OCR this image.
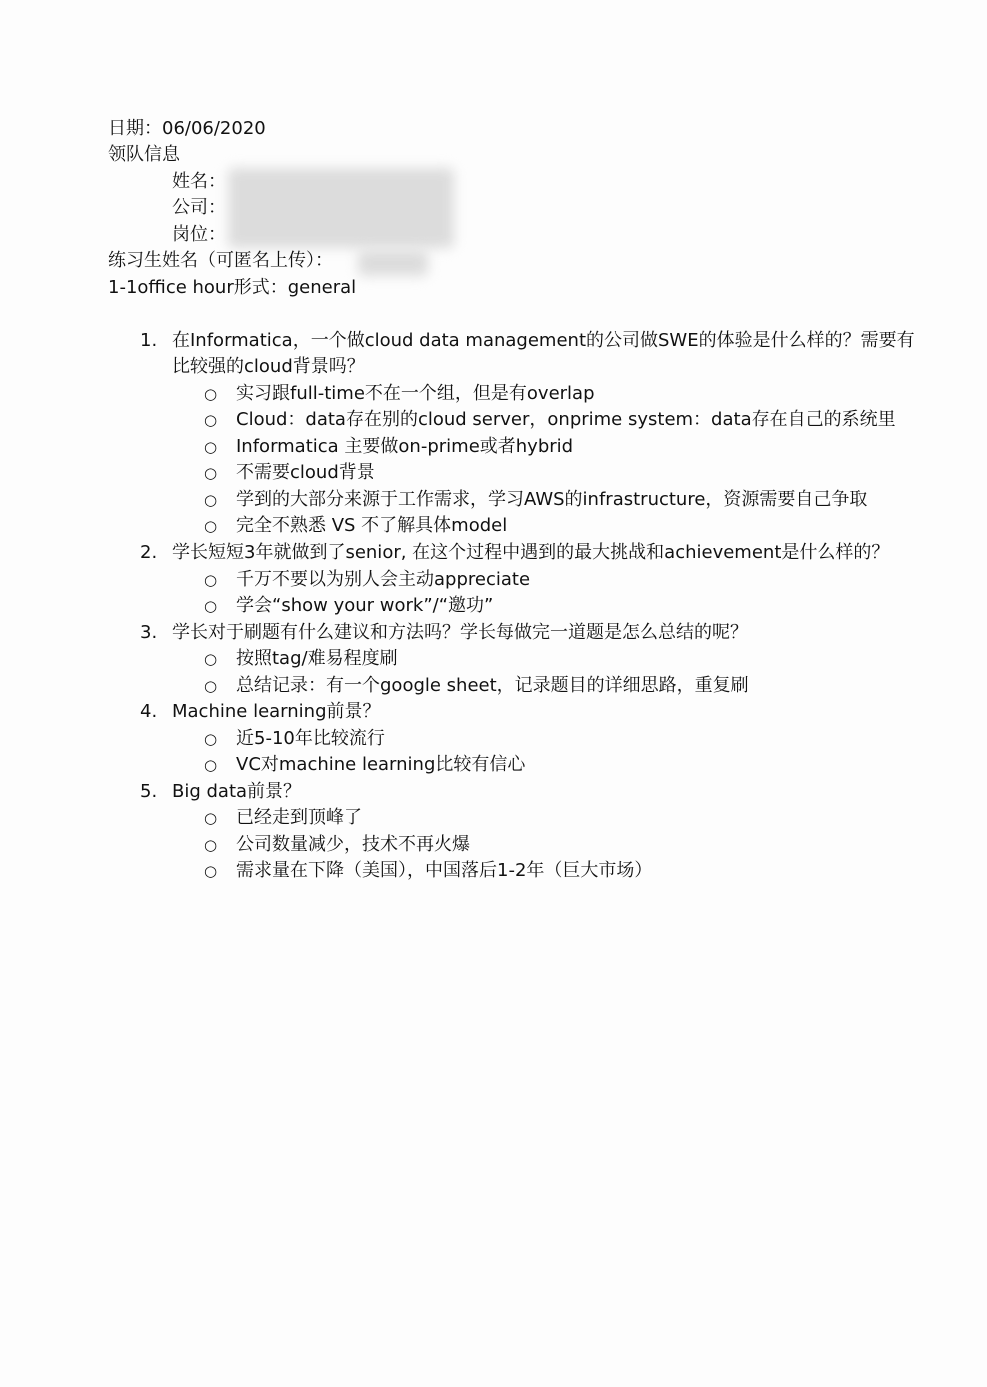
日期：06/06/2020
领队信息
姓名：
公司：
岗位：
练习生姓名（可匿名上传）：
1-1office hour形式：general
1. 在Informatica，一个做cloud data management的公司做SWE的体验是什么样的？需要有
比较强的cloud背景吗？
○ 实习跟full-time不在一个组，但是有overlap
○ Cloud：data存在别的cloud server，onprime system：data存在自己的系统里
○ Informatica 主要做on-prime或者hybrid
○ 不需要cloud背景
○ 学到的大部分来源于工作需求，学习AWS的infrastructure，资源需要自己争取
○ 完全不熟悉 VS 不了解具体model
2. 学长短短3年就做到了senior, 在这个过程中遇到的最大挑战和achievement是什么样的？
○ 千万不要以为别人会主动appreciate
○ 学会“show your work”/“邀功”
3. 学长对于刷题有什么建议和方法吗？学长每做完一道题是怎么总结的呢？
○ 按照tag/难易程度刷
○ 总结记录：有一个google sheet，记录题目的详细思路，重复刷
4. Machine learning前景？
○ 近5-10年比较流行
○ VC对machine learning比较有信心
5. Big data前景？
○ 已经走到顶峰了
○ 公司数量减少，技术不再火爆
○ 需求量在下降（美国），中国落后1-2年（巨大市场）
